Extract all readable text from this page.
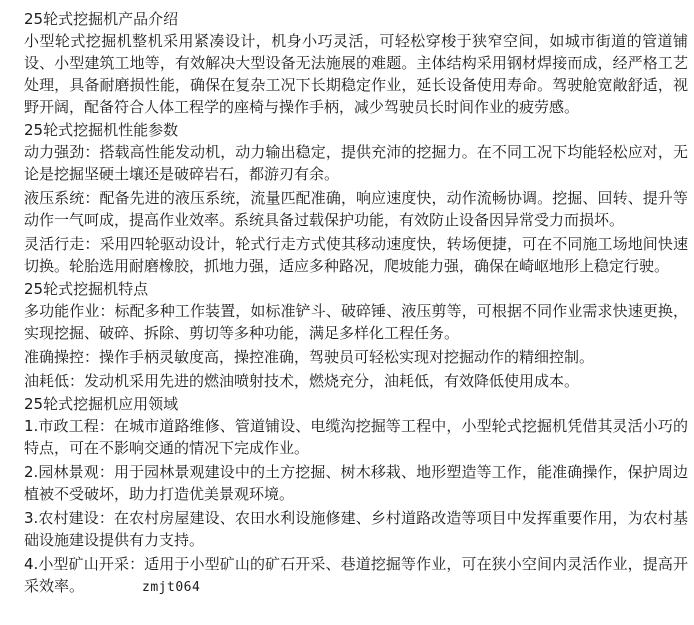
25轮式挖掘机产品介绍

小型轮式挖掘机整机采用紧凑设计，机身小巧灵活，可轻松穿梭于狭窄空间，如城市街道的管道铺设、小型建筑工地等，有效解决大型设备无法施展的难题。主体结构采用钢材焊接而成，经严格工艺处理，具备耐磨损性能，确保在复杂工况下长期稳定作业，延长设备使用寿命。驾驶舱宽敞舒适，视野开阔，配备符合人体工程学的座椅与操作手柄，减少驾驶员长时间作业的疲劳感。

25轮式挖掘机性能参数

动力强劲：搭载高性能发动机，动力输出稳定，提供充沛的挖掘力。在不同工况下均能轻松应对，无论是挖掘坚硬土壤还是破碎岩石，都游刃有余。

液压系统：配备先进的液压系统，流量匹配准确，响应速度快，动作流畅协调。挖掘、回转、提升等动作一气呵成，提高作业效率。系统具备过载保护功能，有效防止设备因异常受力而损坏。

灵活行走：采用四轮驱动设计，轮式行走方式使其移动速度快，转场便捷，可在不同施工场地间快速切换。轮胎选用耐磨橡胶，抓地力强，适应多种路况，爬坡能力强，确保在崎岖地形上稳定行驶。

25轮式挖掘机特点

多功能作业：标配多种工作装置，如标准铲斗、破碎锤、液压剪等，可根据不同作业需求快速更换，实现挖掘、破碎、拆除、剪切等多种功能，满足多样化工程任务。

准确操控：操作手柄灵敏度高，操控准确，驾驶员可轻松实现对挖掘动作的精细控制。

油耗低：发动机采用先进的燃油喷射技术，燃烧充分，油耗低，有效降低使用成本。

25轮式挖掘机应用领域

1.市政工程：在城市道路维修、管道铺设、电缆沟挖掘等工程中，小型轮式挖掘机凭借其灵活小巧的特点，可在不影响交通的情况下完成作业。

2.园林景观：用于园林景观建设中的土方挖掘、树木移栽、地形塑造等工作，能准确操作，保护周边植被不受破坏，助力打造优美景观环境。

3.农村建设：在农村房屋建设、农田水利设施修建、乡村道路改造等项目中发挥重要作用，为农村基础设施建设提供有力支持。

4.小型矿山开采：适用于小型矿山的矿石开采、巷道挖掘等作业，可在狭小空间内灵活作业，提高开采效率。	zmjt064
